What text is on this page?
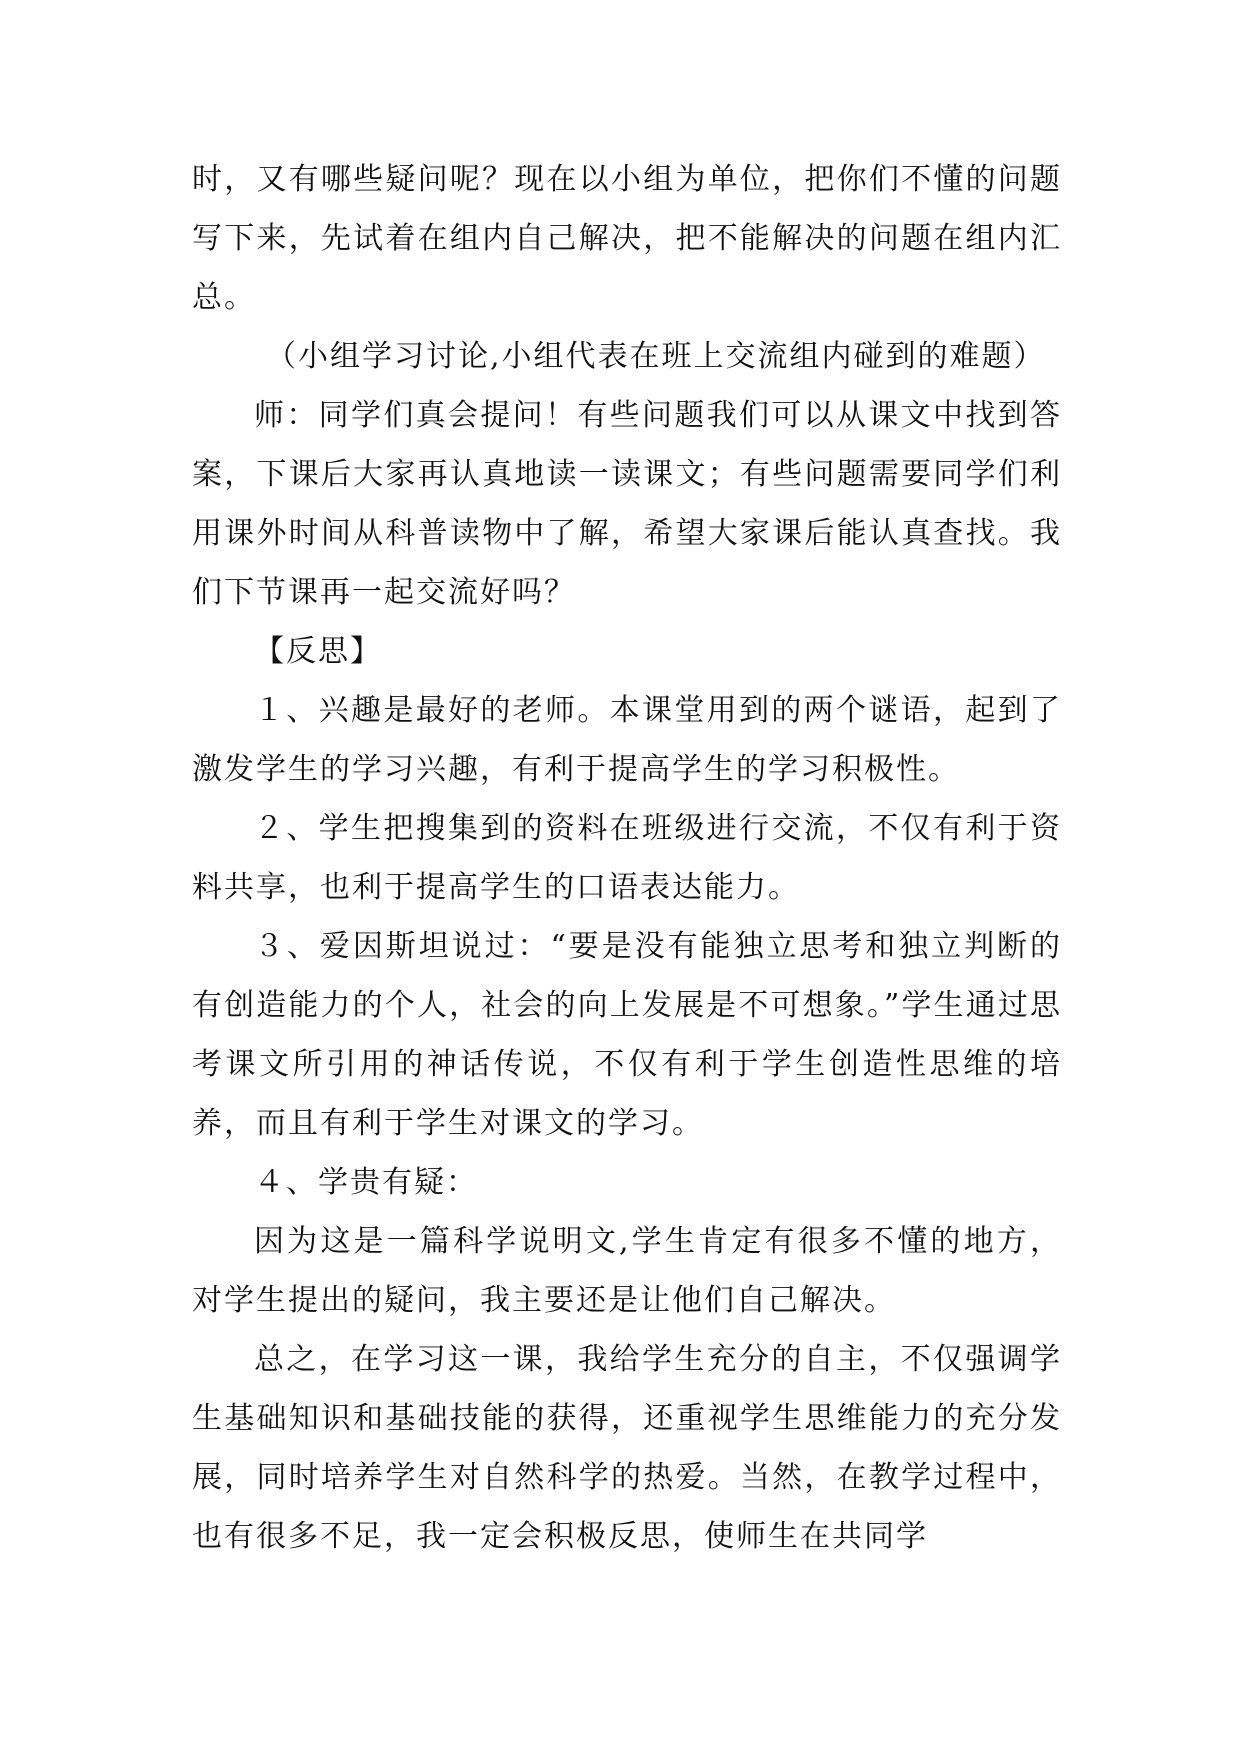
时，又有哪些疑问呢？现在以小组为单位，把你们不懂的问题写下来，先试着在组内自己解决，把不能解决的问题在组内汇总。

（小组学习讨论,小组代表在班上交流组内碰到的难题）

师：同学们真会提问！有些问题我们可以从课文中找到答案，下课后大家再认真地读一读课文；有些问题需要同学们利用课外时间从科普读物中了解，希望大家课后能认真查找。我们下节课再一起交流好吗？

【反思】

１、兴趣是最好的老师。本课堂用到的两个谜语，起到了激发学生的学习兴趣，有利于提高学生的学习积极性。

２、学生把搜集到的资料在班级进行交流，不仅有利于资料共享，也利于提高学生的口语表达能力。

３、爱因斯坦说过：“要是没有能独立思考和独立判断的有创造能力的个人，社会的向上发展是不可想象。”学生通过思考课文所引用的神话传说，不仅有利于学生创造性思维的培养，而且有利于学生对课文的学习。

４、学贵有疑：

因为这是一篇科学说明文,学生肯定有很多不懂的地方，对学生提出的疑问，我主要还是让他们自己解决。

总之，在学习这一课，我给学生充分的自主，不仅强调学生基础知识和基础技能的获得，还重视学生思维能力的充分发展，同时培养学生对自然科学的热爱。当然，在教学过程中，也有很多不足，我一定会积极反思，使师生在共同学
